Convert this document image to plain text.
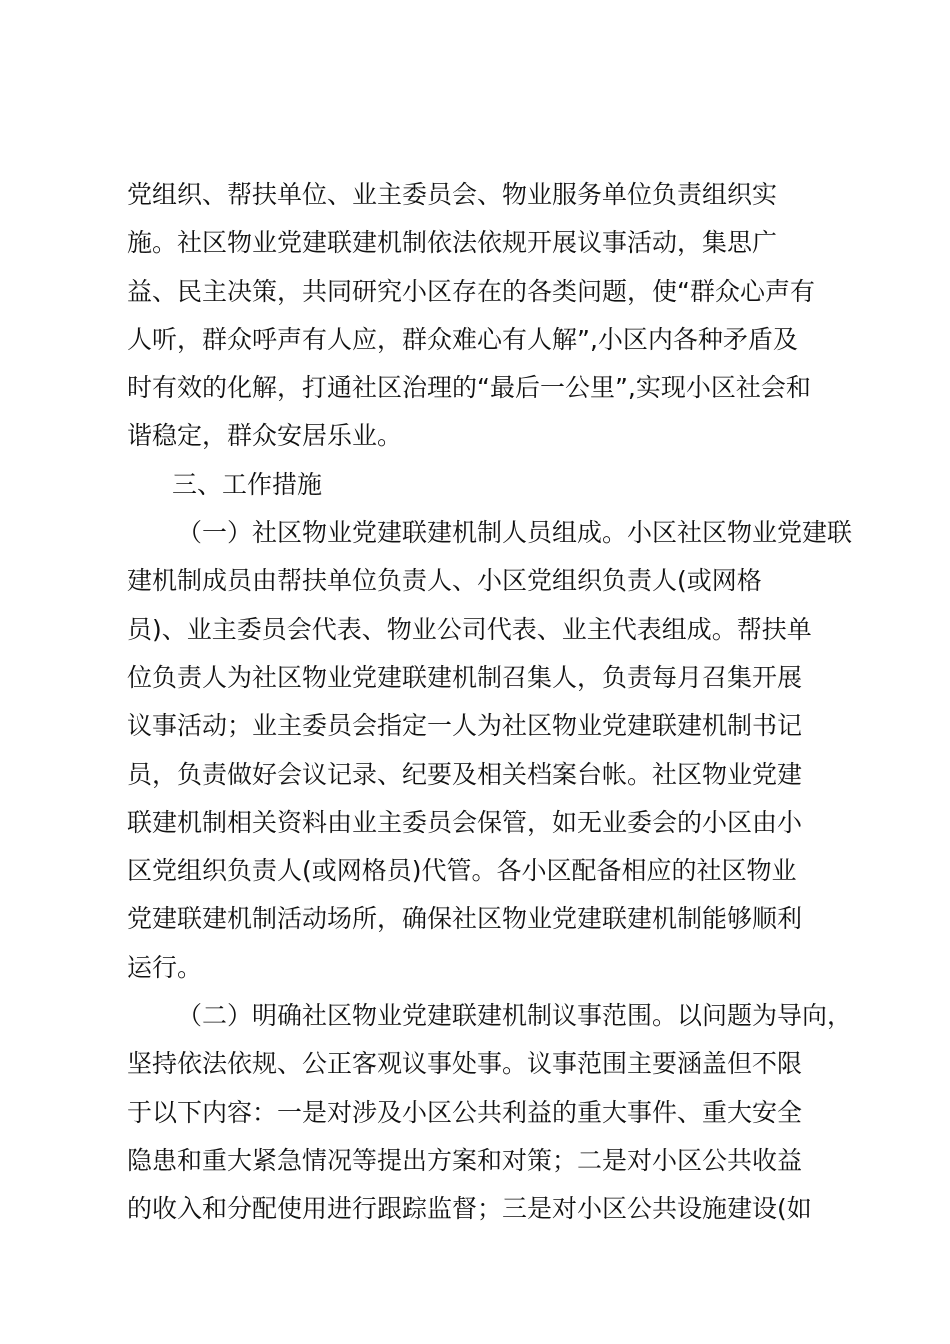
党组织、帮扶单位、业主委员会、物业服务单位负责组织实
施。社区物业党建联建机制依法依规开展议事活动，集思广
益、民主决策，共同研究小区存在的各类问题，使“群众心声有
人听，群众呼声有人应，群众难心有人解”,小区内各种矛盾及
时有效的化解，打通社区治理的“最后一公里”,实现小区社会和
谐稳定，群众安居乐业。
三、工作措施
（一）社区物业党建联建机制人员组成。小区社区物业党建联
建机制成员由帮扶单位负责人、小区党组织负责人(或网格
员)、业主委员会代表、物业公司代表、业主代表组成。帮扶单
位负责人为社区物业党建联建机制召集人，负责每月召集开展
议事活动；业主委员会指定一人为社区物业党建联建机制书记
员，负责做好会议记录、纪要及相关档案台帐。社区物业党建
联建机制相关资料由业主委员会保管，如无业委会的小区由小
区党组织负责人(或网格员)代管。各小区配备相应的社区物业
党建联建机制活动场所，确保社区物业党建联建机制能够顺利
运行。
（二）明确社区物业党建联建机制议事范围。以问题为导向，
坚持依法依规、公正客观议事处事。议事范围主要涵盖但不限
于以下内容：一是对涉及小区公共利益的重大事件、重大安全
隐患和重大紧急情况等提出方案和对策；二是对小区公共收益
的收入和分配使用进行跟踪监督；三是对小区公共设施建设(如
